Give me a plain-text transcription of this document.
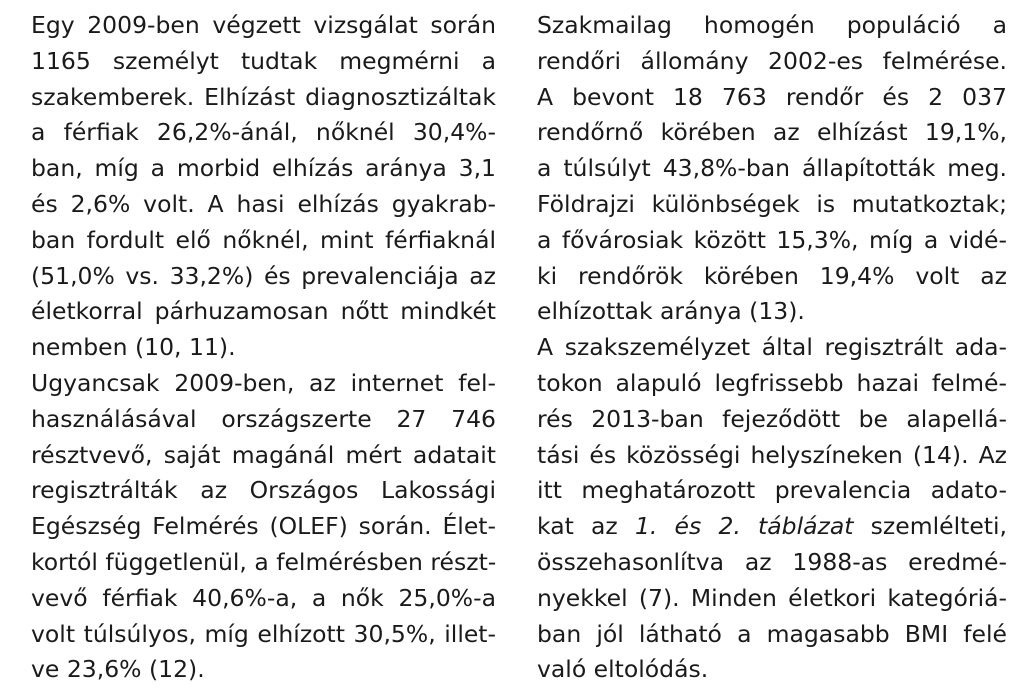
Egy 2009-ben végzett vizsgálat során
1165 személyt tudtak megmérni a
szakemberek. Elhízást diagnosztizáltak
a férfiak 26,2%-ánál, nőknél 30,4%-
ban, míg a morbid elhízás aránya 3,1
és 2,6% volt. A hasi elhízás gyakrab-
ban fordult elő nőknél, mint férfiaknál
(51,0% vs. 33,2%) és prevalenciája az
életkorral párhuzamosan nőtt mindkét
nemben (10, 11).
Ugyancsak 2009-ben, az internet fel-
használásával országszerte 27 746
résztvevő, saját magánál mért adatait
regisztrálták az Országos Lakossági
Egészség Felmérés (OLEF) során. Élet-
kortól függetlenül, a felmérésben részt-
vevő férfiak 40,6%-a, a nők 25,0%-a
volt túlsúlyos, míg elhízott 30,5%, illet-
ve 23,6% (12).
Szakmailag homogén populáció a
rendőri állomány 2002-es felmérése.
A bevont 18 763 rendőr és 2 037
rendőrnő körében az elhízást 19,1%,
a túlsúlyt 43,8%-ban állapították meg.
Földrajzi különbségek is mutatkoztak;
a fővárosiak között 15,3%, míg a vidé-
ki rendőrök körében 19,4% volt az
elhízottak aránya (13).
A szakszemélyzet által regisztrált ada-
tokon alapuló legfrissebb hazai felmé-
rés 2013-ban fejeződött be alapellá-
tási és közösségi helyszíneken (14). Az
itt meghatározott prevalencia adato-
kat az 1. és 2. táblázat szemlélteti,
összehasonlítva az 1988-as eredmé-
nyekkel (7). Minden életkori kategóriá-
ban jól látható a magasabb BMI felé
való eltolódás.
